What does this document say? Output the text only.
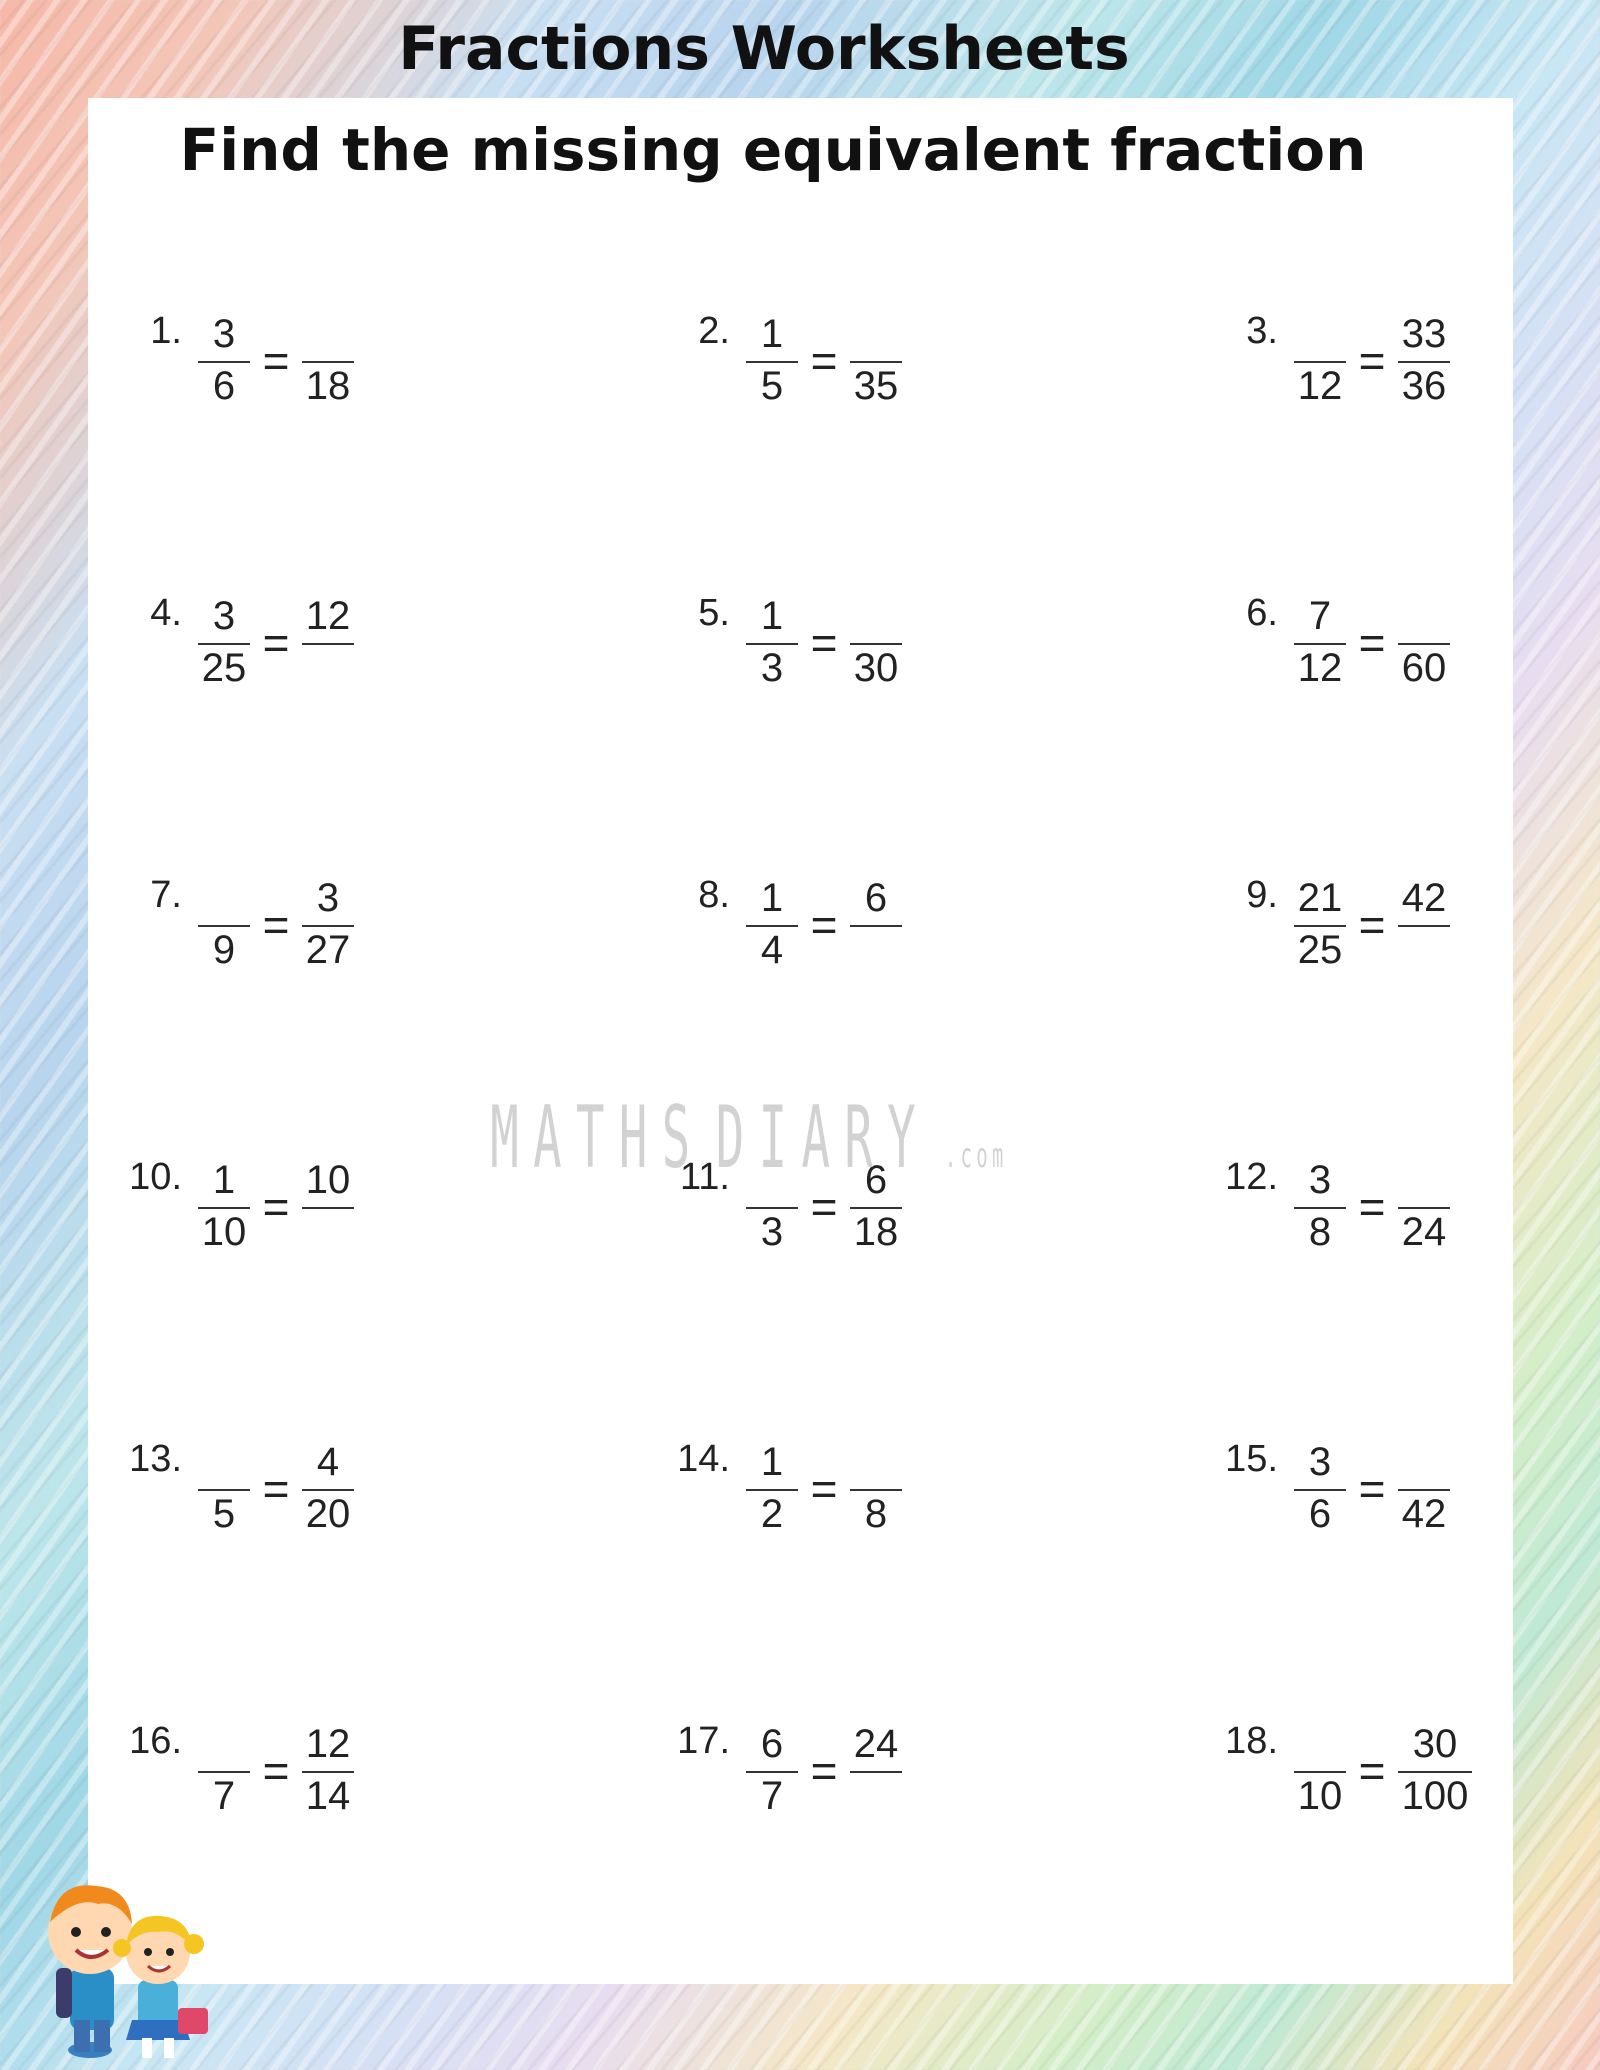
Fractions Worksheets
Find the missing equivalent fraction
1. 3
6 = 18
2. 1
5 = 35
3.
12 =
33
36
4. 3
25 =
12	5. 1
3 = 30
6. 7
12 = 60
7.
9 =
3
27
8. 1
4 =
6	9. 21
25 =
42
10. 1
10 =
10	11.
3 =
6
18
12. 3
8 = 24
13.
5 =
4
20
14. 1
2 = 8
15. 3
6 = 42
16.
7 =
12
14
17. 6
7 =
24	18.
10 =
30
100
M A T H S D I A R Y .com
